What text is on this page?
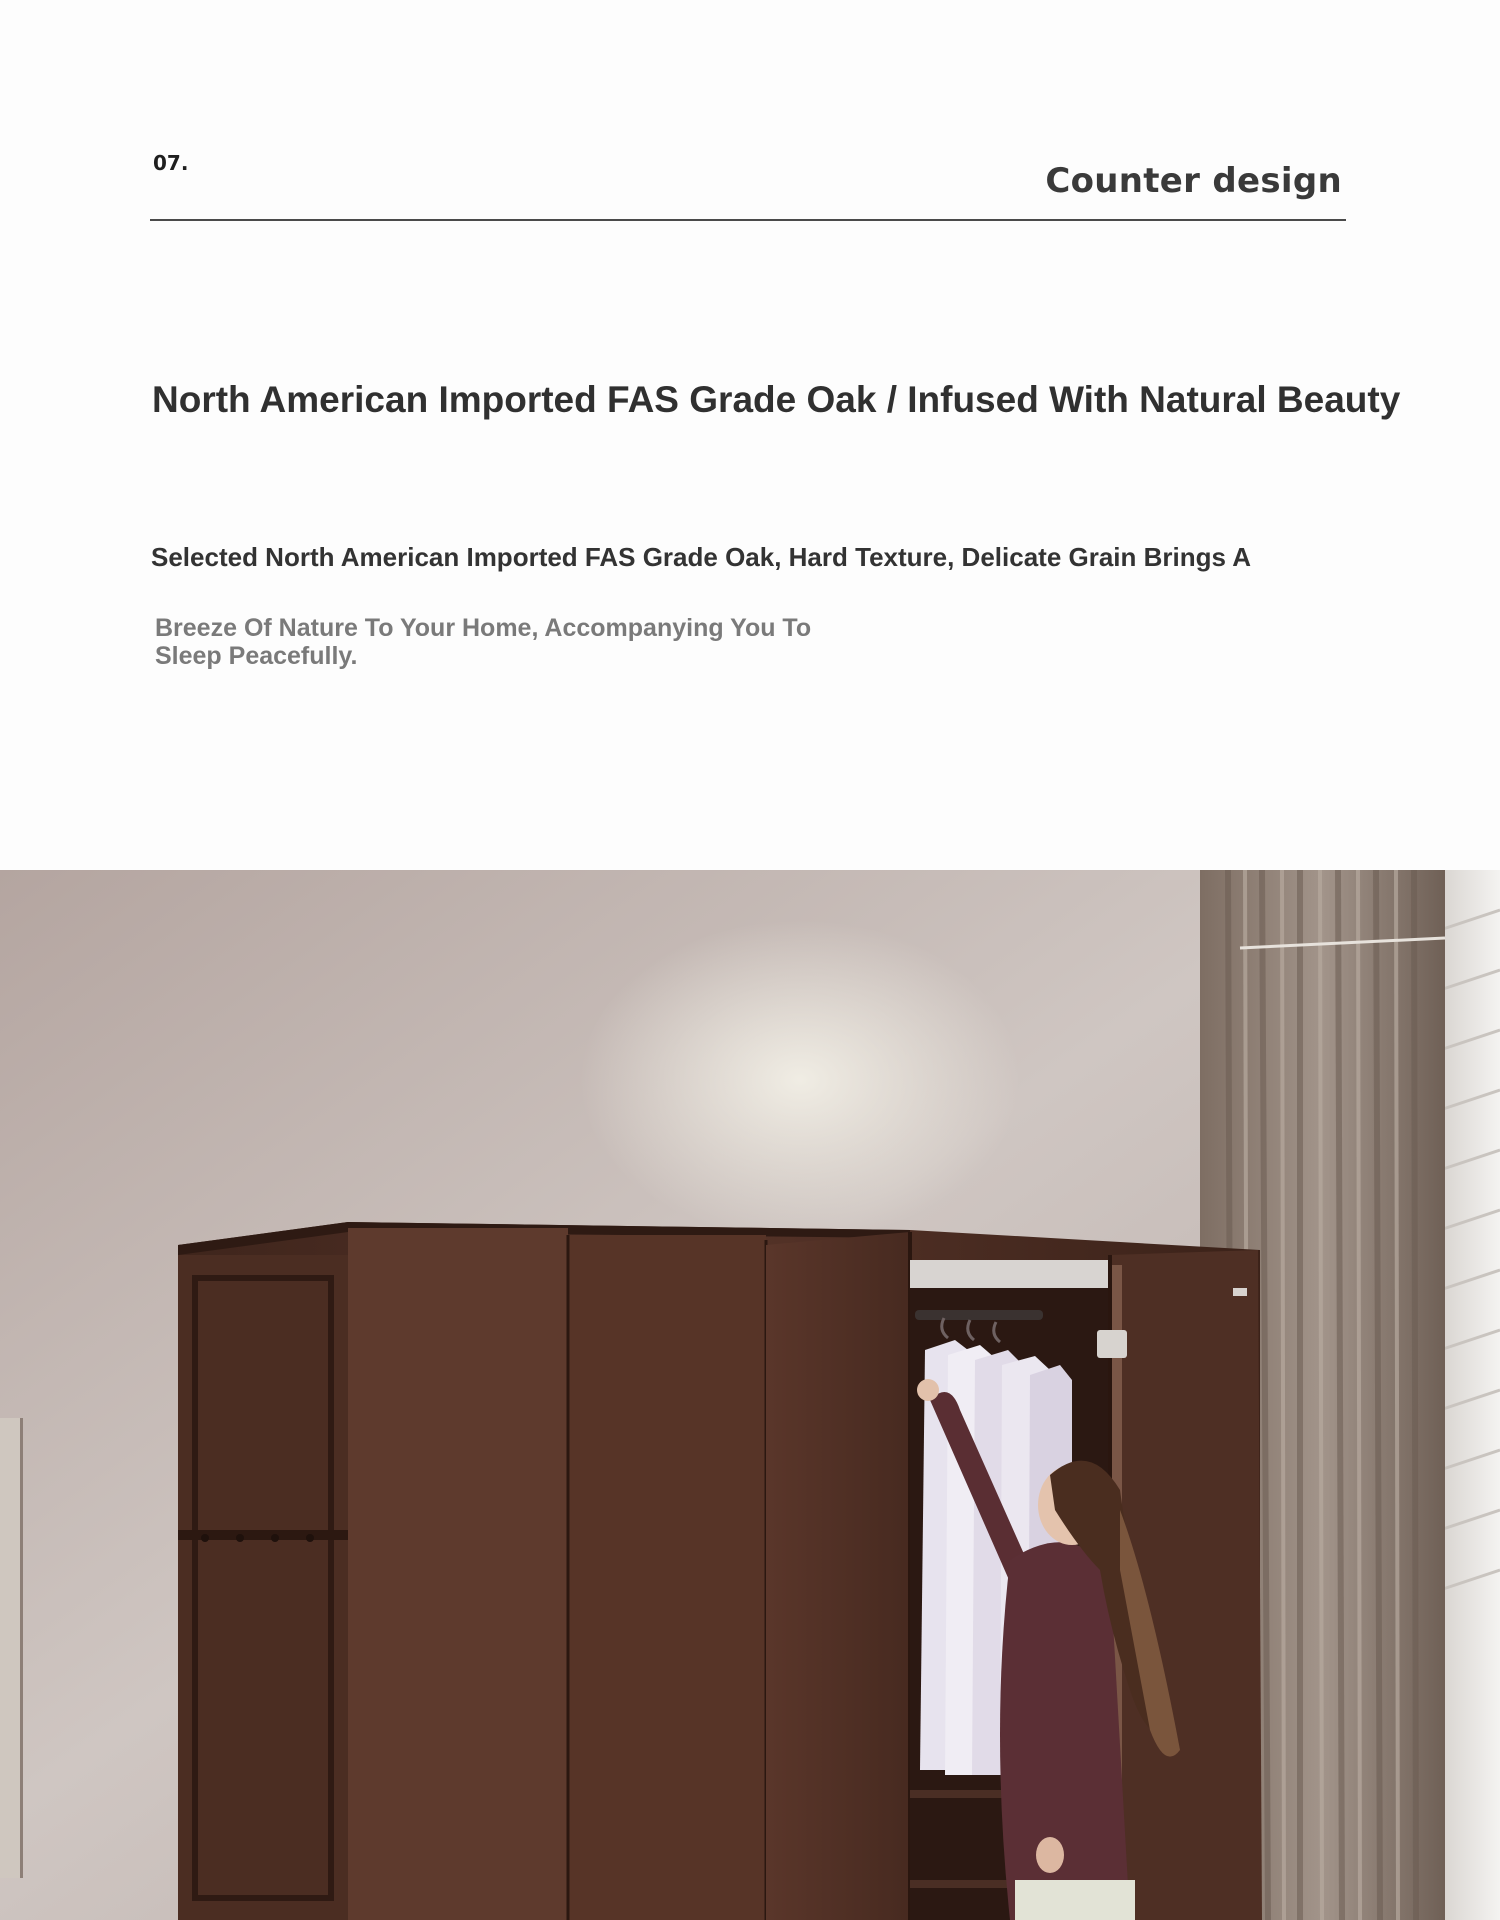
07.	Counter design
North American Imported FAS Grade Oak / Infused With Natural Beauty

Selected North American Imported FAS Grade Oak, Hard Texture, Delicate Grain Brings A

Breeze Of Nature To Your Home, Accompanying You To Sleep Peacefully.
